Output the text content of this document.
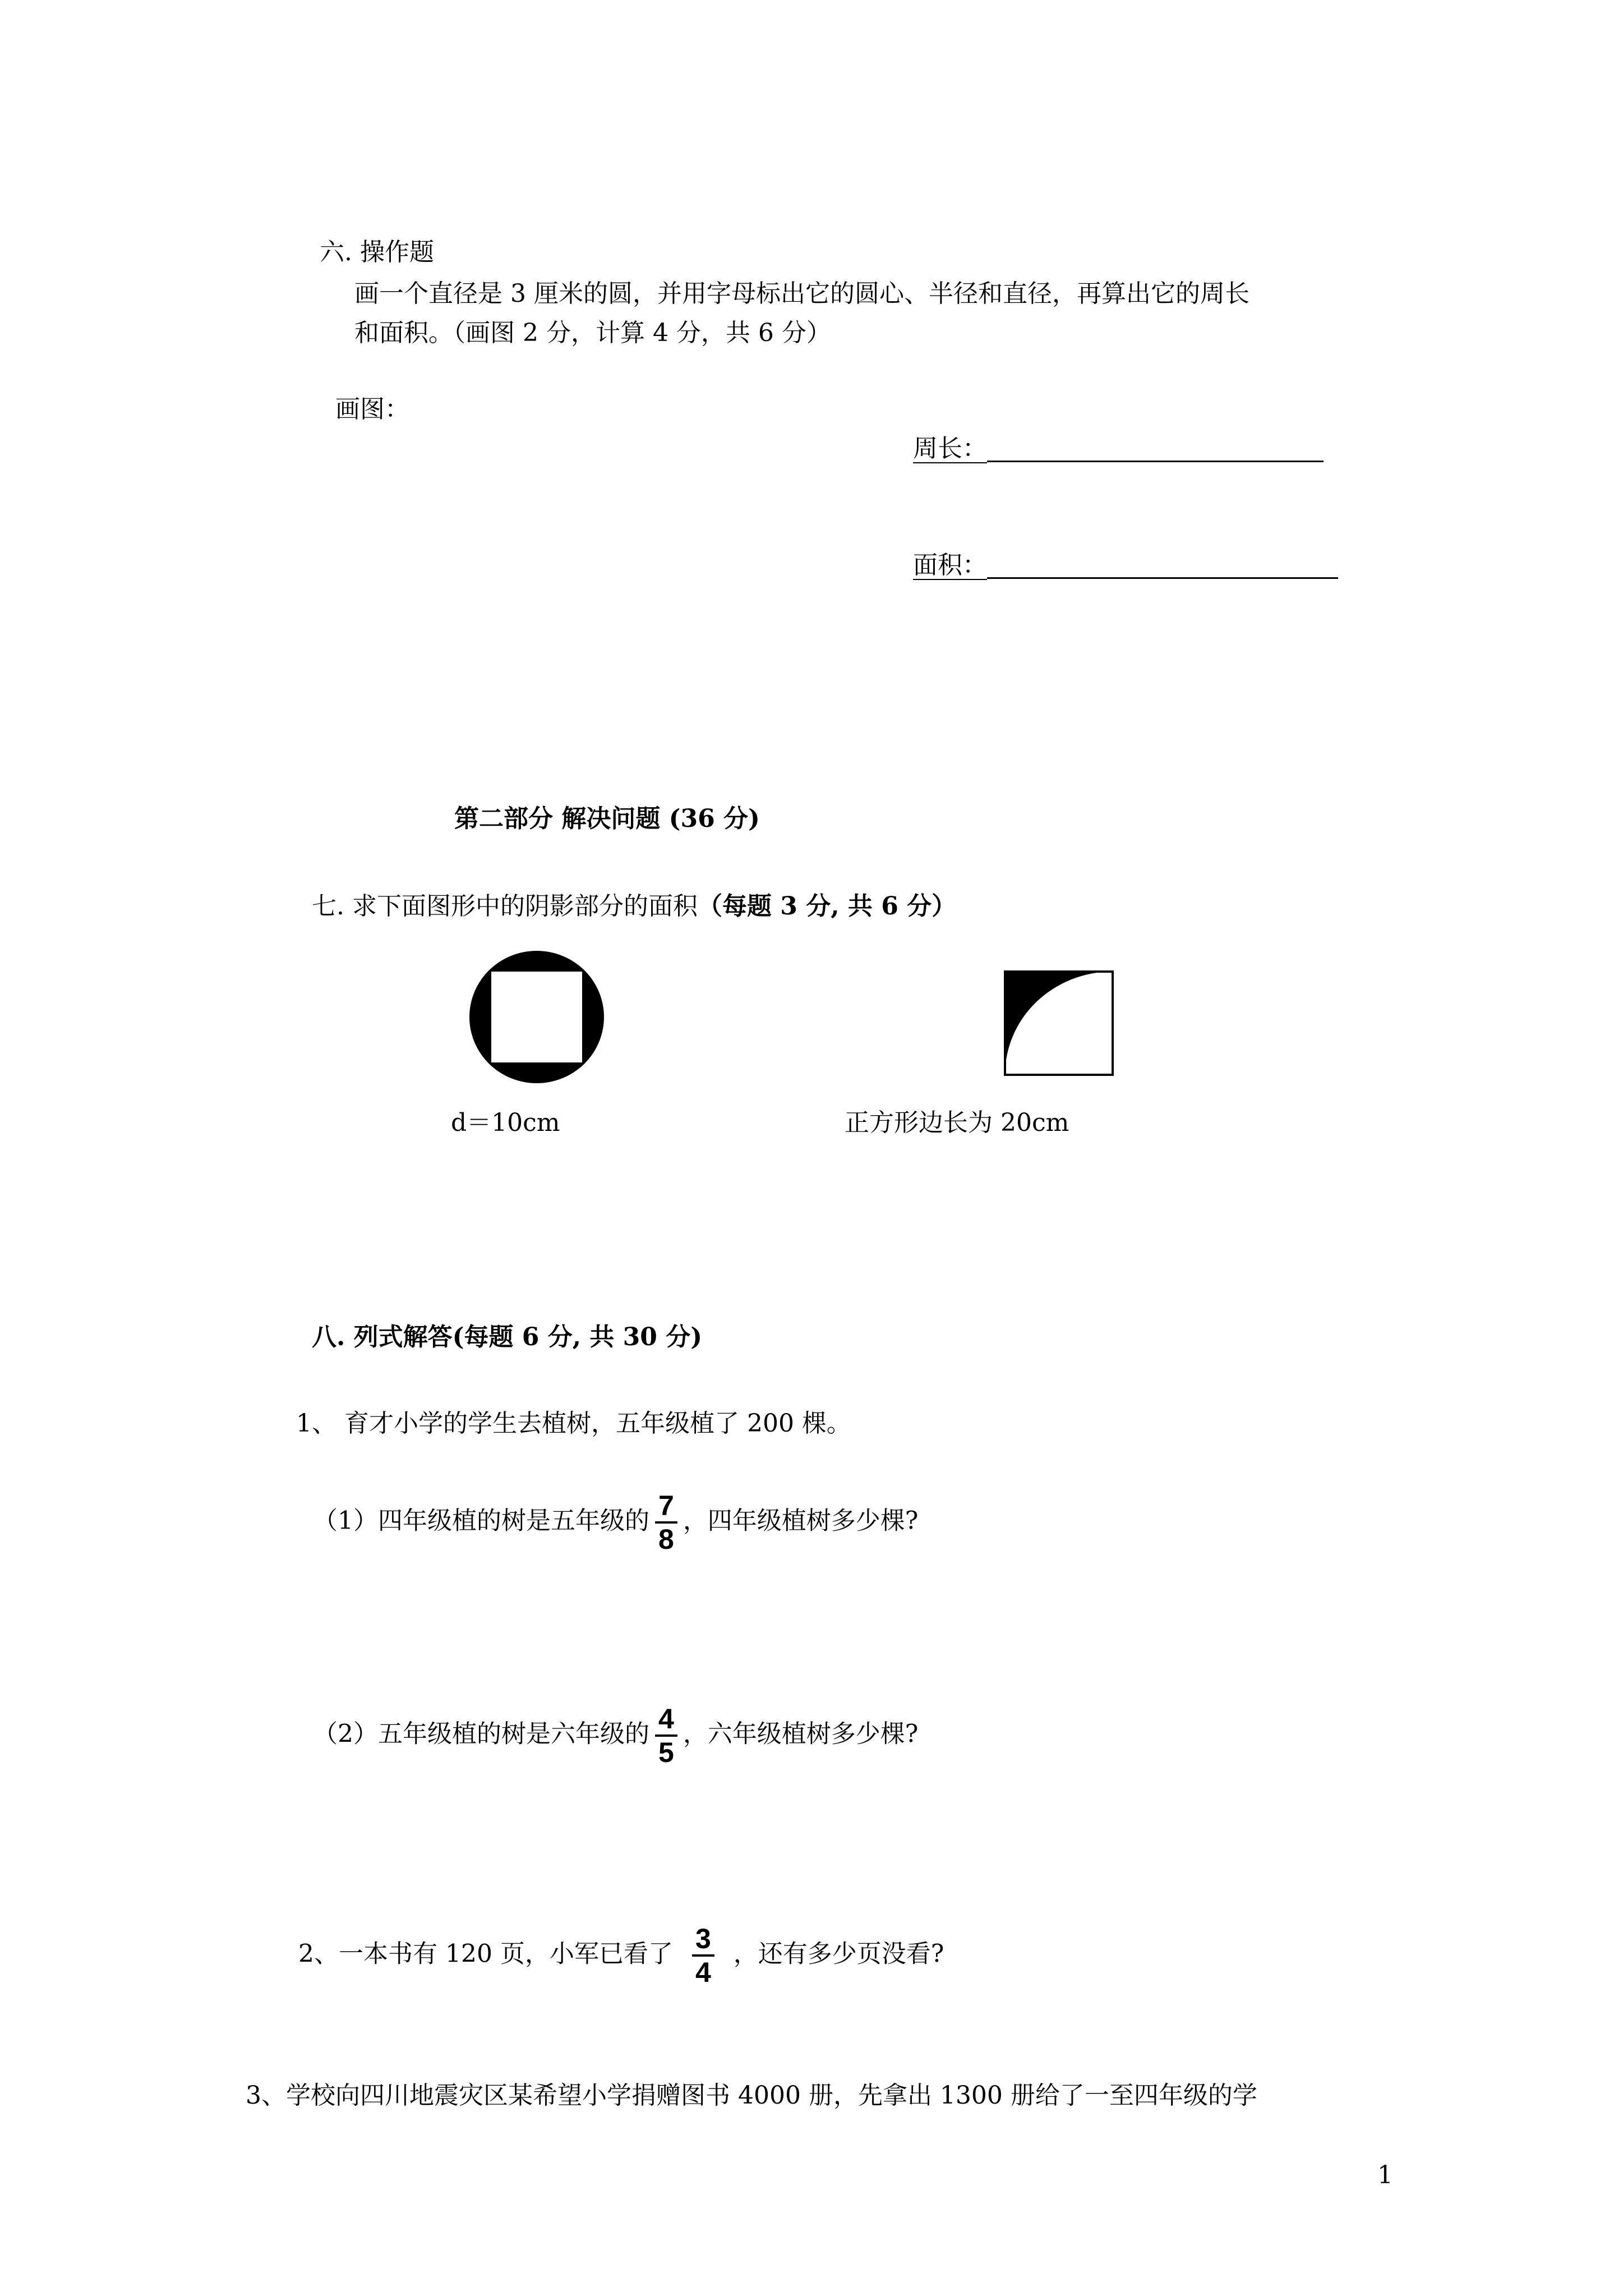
六. 操作题
画一个直径是 3 厘米的圆，并用字母标出它的圆心、半径和直径，再算出它的周长
和面积。（画图 2 分，计算 4 分，共 6 分）
画图：
周长：
面积：
第二部分 解决问题 (36 分)
七. 求下面图形中的阴影部分的面积（每题 3 分, 共 6 分）
d＝10cm	正方形边长为 20cm
八. 列式解答(每题 6 分, 共 30 分)
1、 育才小学的学生去植树，五年级植了 200 棵。
（1）四年级植的树是五年级的 $\frac{7}{8}$ ，四年级植树多少棵?
（2）五年级植的树是六年级的 $\frac{4}{5}$ ，六年级植树多少棵?
2、一本书有 120 页，小军已看了 $\frac{3}{4}$ ，还有多少页没看?
3、学校向四川地震灾区某希望小学捐赠图书 4000 册，先拿出 1300 册给了一至四年级的学
1
